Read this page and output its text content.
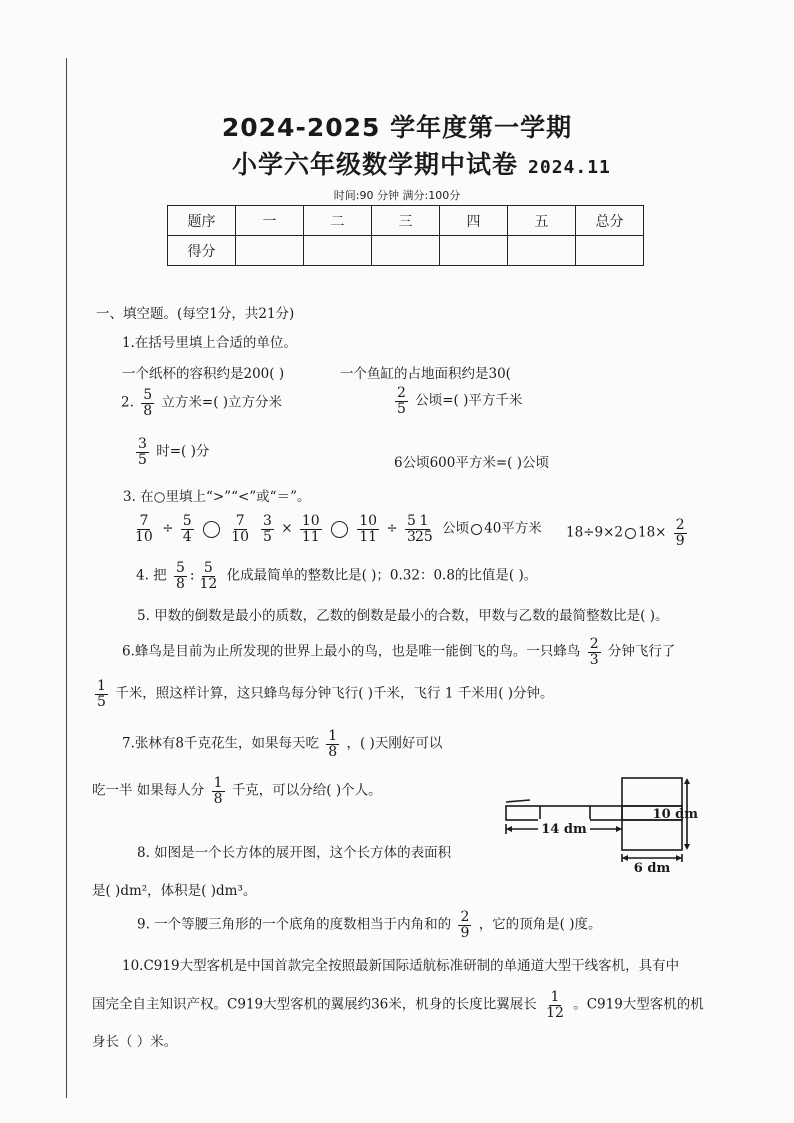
2024-2025 学年度第一学期
小学六年级数学期中试卷 2024.11
时间:90 分钟 满分:100分
题序	一	二	三	四	五	总分
得分						
一、填空题。(每空1分，共21分)
1.在括号里填上合适的单位。
一个纸杯的容积约是200( )	一个鱼缸的占地面积约是30(
2. $\frac{5}{8}$ 立方米=( )立方分米	$\frac{2}{5}$ 公顷=( )平方千米
$\frac{3}{5}$ 时=( )分
6公顷600平方米=( )公顷
3. 在○里填上“>”“<”或“＝”。
$\frac{7}{10} \div \frac{5}{4}$
	$\frac{7}{10} \frac{3}{5} \times \frac{10}{11}$
	$\frac{10}{11} \div \frac{5}{3}$
$\frac{1}{25}$ 公顷 40平方米 18÷9×2 $18\times \frac{2}{9}$
4. 把 $\frac{5}{8}$ : $\frac{5}{12}$ 化成最简单的整数比是( )；0.32：0.8的比值是( )。
5. 甲数的倒数是最小的质数，乙数的倒数是最小的合数，甲数与乙数的最简整数比是( )。
6.蜂鸟是目前为止所发现的世界上最小的鸟，也是唯一能倒飞的鸟。一只蜂鸟 $\frac{2}{3}$ 分钟飞行了
$\frac{1}{5}$ 千米，照这样计算，这只蜂鸟每分钟飞行( )千米，飞行 1 千米用( )分钟。
7.张林有8千克花生，如果每天吃 $\frac{1}{8}$ ，( )天刚好可以
吃一半 如果每人分 $\frac{1}{8}$ 千克，可以分给( )个人。
8. 如图是一个长方体的展开图，这个长方体的表面积
是( )dm²，体积是( )dm³。
14 dm
10 dm
6 dm
9. 一个等腰三角形的一个底角的度数相当于内角和的 $\frac{2}{9}$ ，它的顶角是( )度。
10.C919大型客机是中国首款完全按照最新国际适航标准研制的单通道大型干线客机，具有中
国完全自主知识产权。C919大型客机的翼展约36米，机身的长度比翼展长 $\frac{1}{12}$ 。C919大型客机的机
身长（ ）米。
